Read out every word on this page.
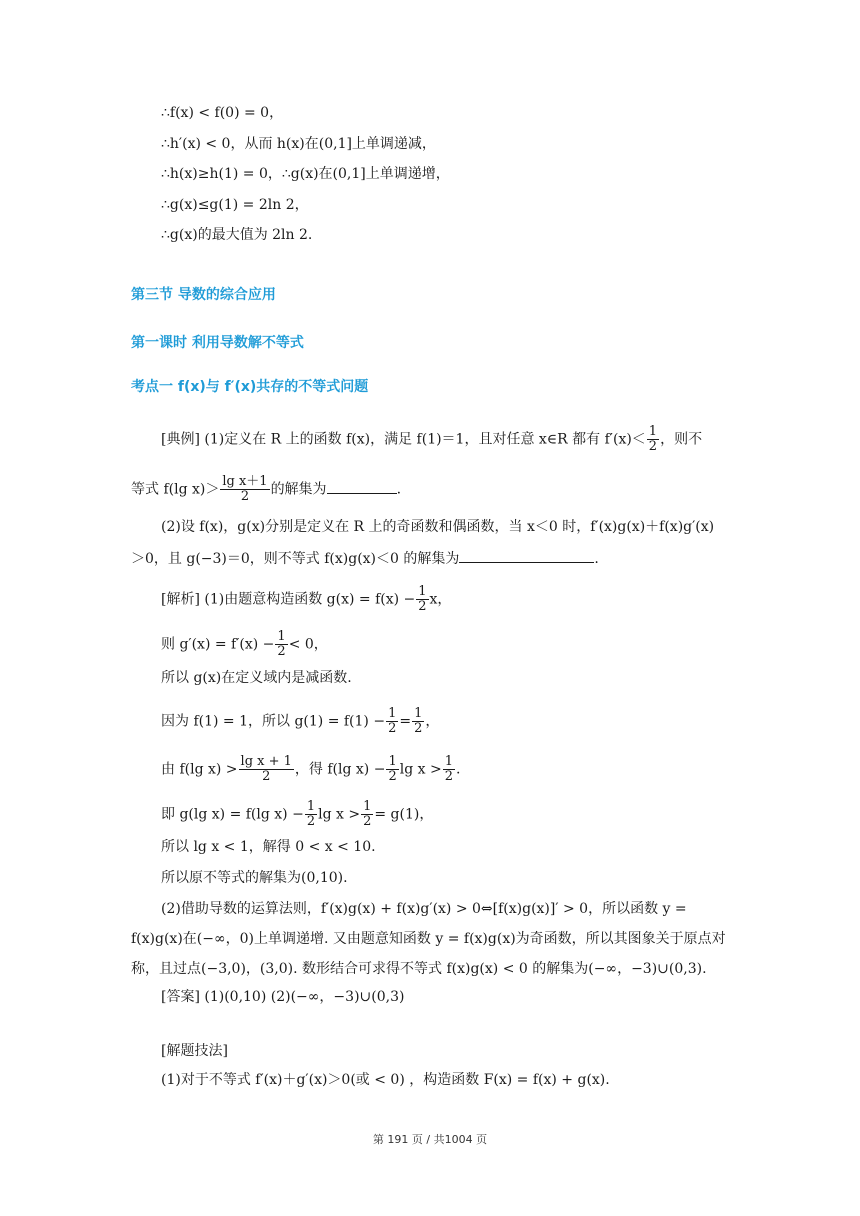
∴f(x) < f(0) = 0，
∴h′(x) < 0，从而 h(x)在(0,1]上单调递减，
∴h(x)≥h(1) = 0，∴g(x)在(0,1]上单调递增，
∴g(x)≤g(1) = 2ln 2，
∴g(x)的最大值为 2ln 2.
第三节 导数的综合应用
第一课时 利用导数解不等式
考点一 f(x)与 f′(x)共存的不等式问题
[典例] (1)定义在 R 上的函数 f(x)，满足 f(1)＝1，且对任意 x∈R 都有 $f'(x)< \frac{1}{2}$ ，则不
等式 f(lg $x)> \frac{\text{lg x＋1}}{2}$ 的解集为	.
(2)设 f(x)，g(x)分别是定义在 R 上的奇函数和偶函数，当 x＜0 时，f′(x)g(x)＋f(x)g′(x)
＞0，且 g(−3)＝0，则不等式 f(x)g(x)＜0 的解集为	.
[解析] (1)由题意构造函数 $g(x) = f(x) - \frac{1}{2}$ x，
则 $g'(x) = f'(x) - \frac{1}{2} < 0$，
所以 g(x)在定义域内是减函数.
因为 f(1) = 1，所以 $g(1) = f(1) - \frac{1}{2} = \frac{1}{2}$ ，
由 f(lg $x) > \frac{\text{lg x + 1}}{2}$ ，得 f(lg $x) - \frac{1}{2}$ $\lg x > \frac{1}{2}$ .
即 g(lg x) = f(lg $x) - \frac{1}{2}$ $\lg x > \frac{1}{2} = g(1)$，
所以 lg x < 1，解得 0 < x < 10.
所以原不等式的解集为(0,10).
(2)借助导数的运算法则，f′(x)g(x) + f(x)g′(x) > 0⇔[f(x)g(x)]′ > 0，所以函数 y = f(x)g(x)在(−∞，0)上单调递增. 又由题意知函数 y = f(x)g(x)为奇函数，所以其图象关于原点对称，且过点(−3,0)，(3,0). 数形结合可求得不等式 f(x)g(x) < 0 的解集为(−∞，−3)∪(0,3).
[答案] (1)(0,10) (2)(−∞，−3)∪(0,3)
[解题技法]
(1)对于不等式 f′(x)＋g′(x)＞0(或 < 0) ，构造函数 F(x) = f(x) + g(x).
第 191 页 / 共1004 页
